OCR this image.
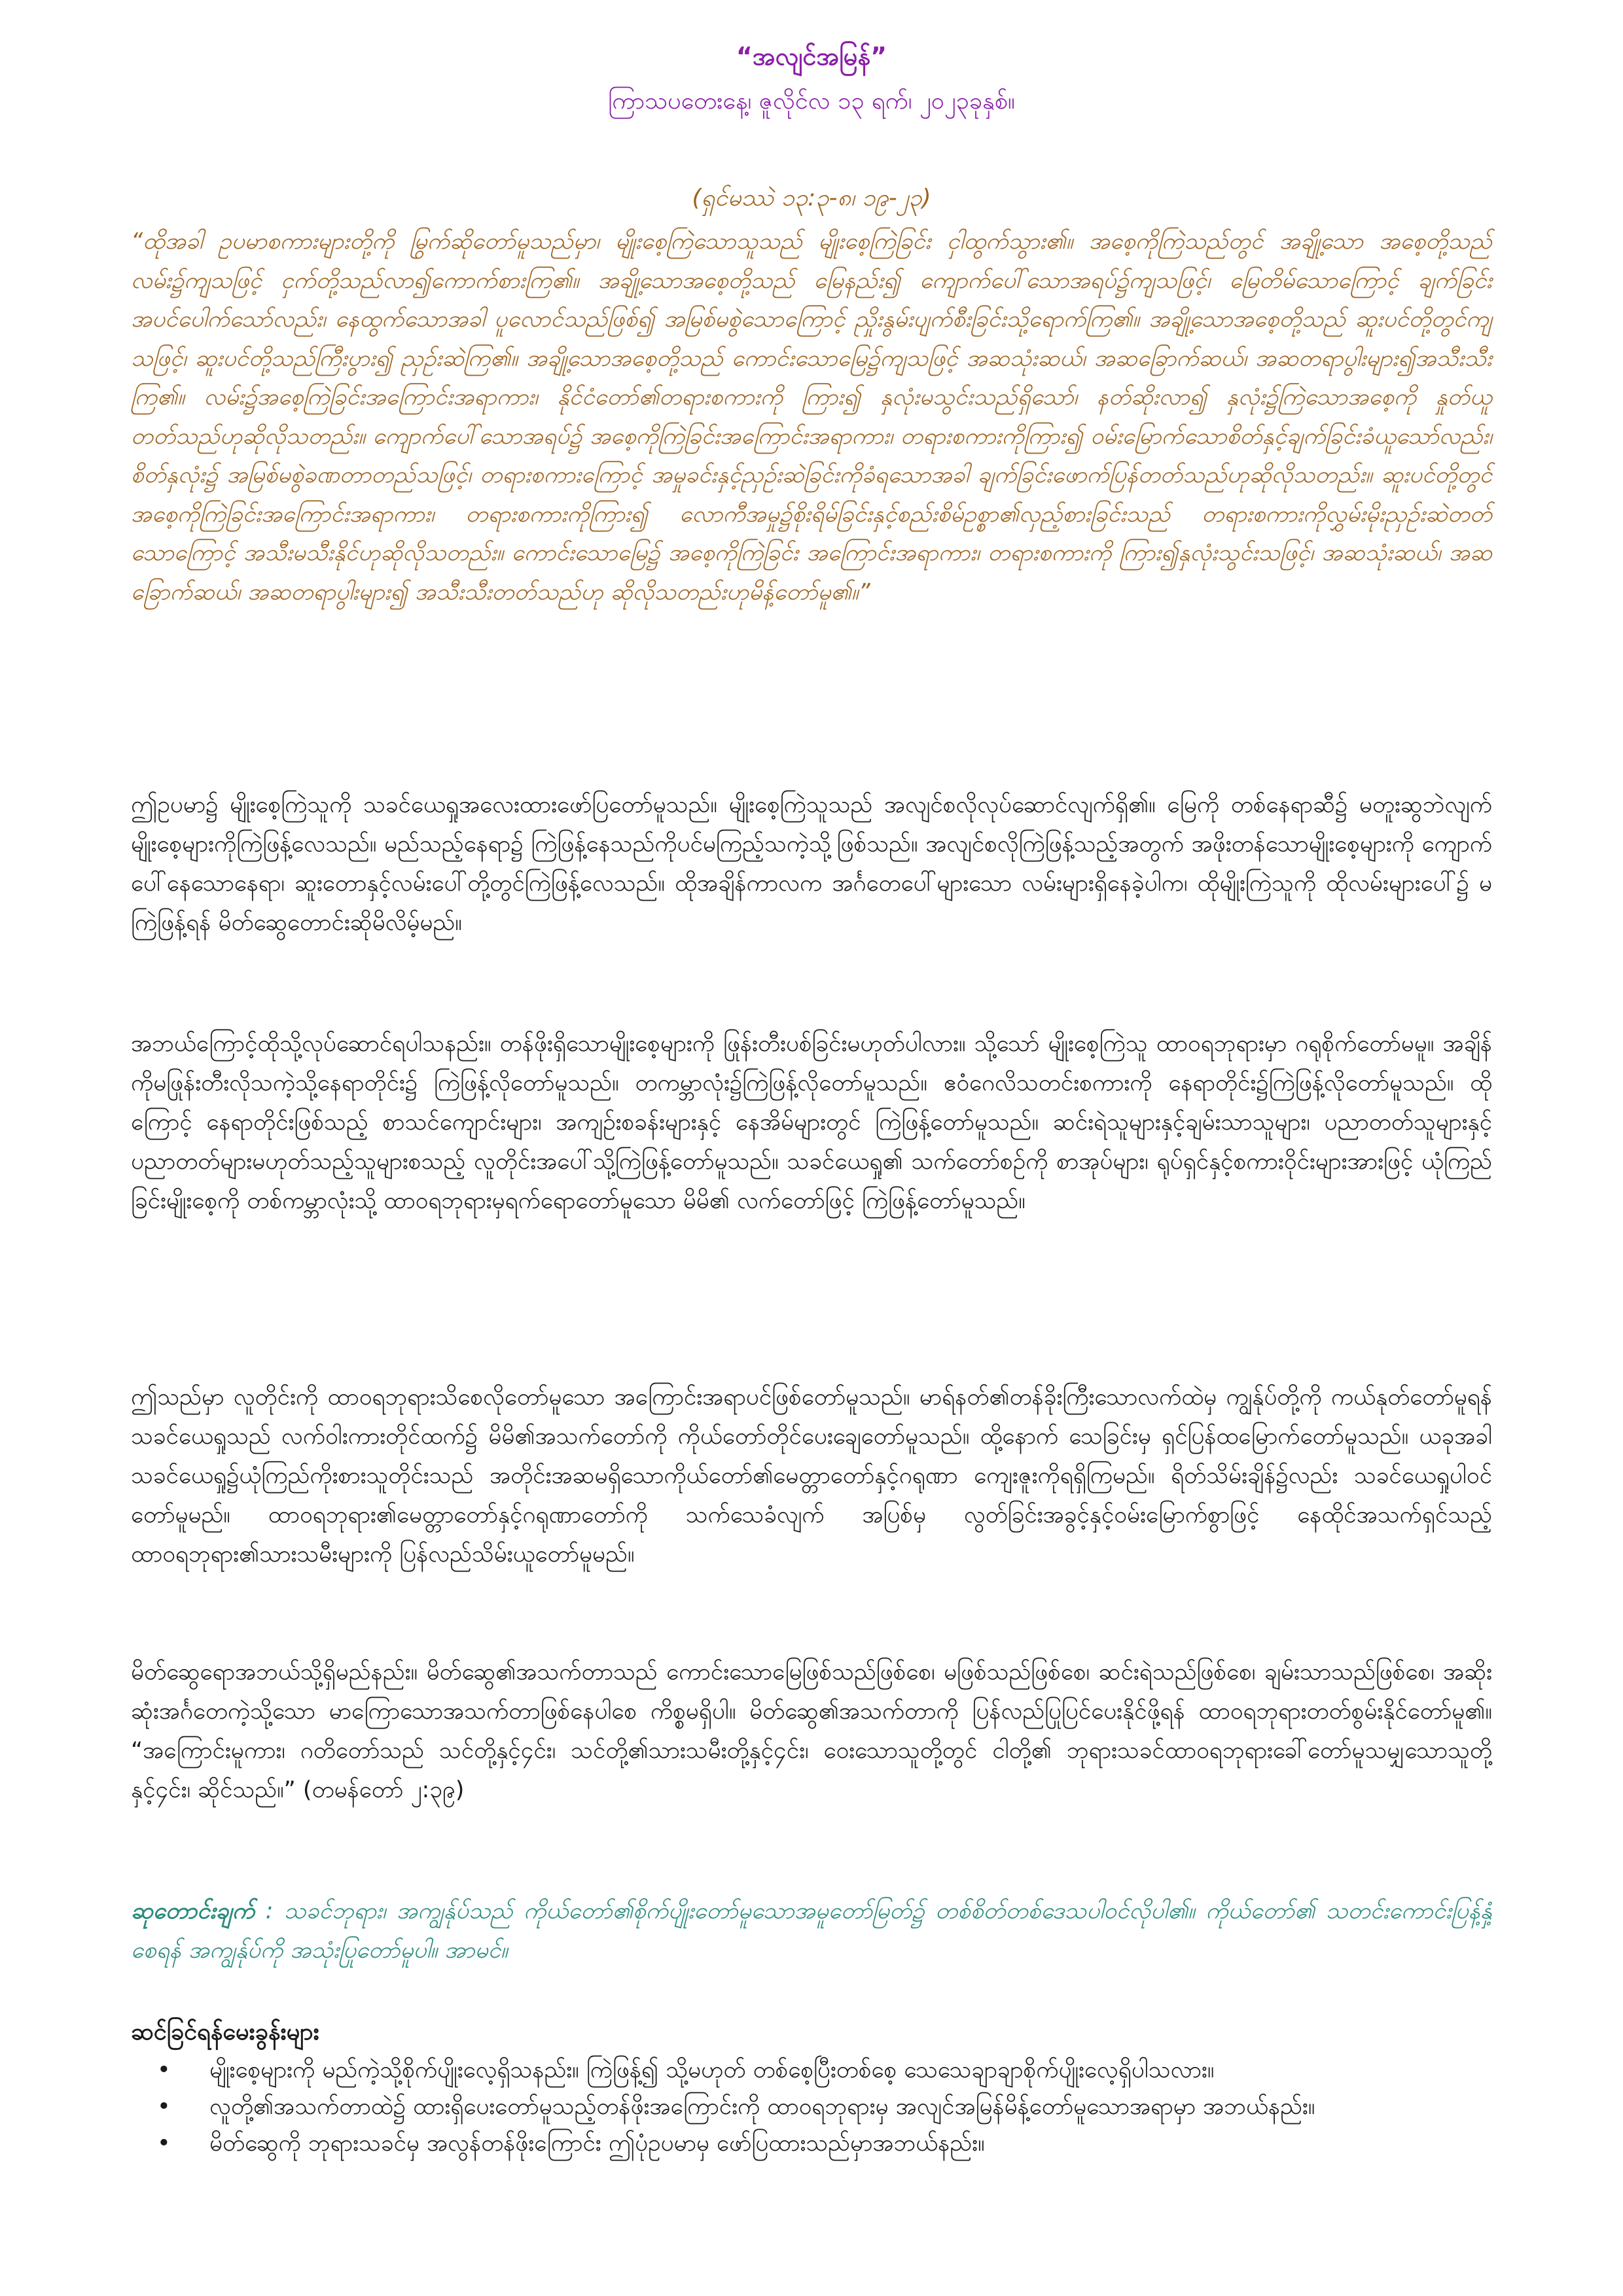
“အလျင်အမြန်”
ကြာသပတေးနေ့၊ ဇူလိုင်လ ၁၃ ရက်၊ ၂၀၂၃ခုနှစ်။
(ရှင်မဿဲ ၁၃:၃-၈၊ ၁၉-၂၃)
“ထိုအခါ ဥပမာစကားများတို့ကို မြွက်ဆိုတော်မူသည်မှာ၊ မျိုးစေ့ကြဲသောသူသည် မျိုးစေ့ကြဲခြင်း ငှါထွက်သွား၏။ အစေ့ကိုကြဲသည်တွင် အချို့သော အစေ့တို့သည် လမ်း၌ကျသဖြင့် ငှက်တို့သည်လာ၍ကောက်စားကြ၏။ အချို့သောအစေ့တို့သည် မြေနည်း၍ ကျောက်ပေါ်သောအရပ်၌ကျသဖြင့်၊ မြေတိမ်သောကြောင့် ချက်ခြင်း အပင်ပေါက်သော်လည်း၊ နေထွက်သောအခါ ပူလောင်သည်ဖြစ်၍ အမြစ်မစွဲသောကြောင့် ညှိုးနွမ်းပျက်စီးခြင်းသို့ရောက်ကြ၏။ အချို့သောအစေ့တို့သည် ဆူးပင်တို့တွင်ကျသဖြင့်၊ ဆူးပင်တို့သည်ကြီးပွား၍ ညှဉ်းဆဲကြ၏။ အချို့သောအစေ့တို့သည် ကောင်းသောမြေ၌ကျသဖြင့် အဆသုံးဆယ်၊ အဆခြောက်ဆယ်၊ အဆတရာပွါးများ၍အသီးသီးကြ၏။ လမ်း၌အစေ့ကြဲခြင်းအကြောင်းအရာကား၊ နိုင်ငံတော်၏တရားစကားကို ကြား၍ နှလုံးမသွင်းသည်ရှိသော်၊ နတ်ဆိုးလာ၍ နှလုံး၌ကြဲသောအစေ့ကို နှုတ်ယူတတ်သည်ဟုဆိုလိုသတည်း။ ကျောက်ပေါ်သောအရပ်၌ အစေ့ကိုကြဲခြင်းအကြောင်းအရာကား၊ တရားစကားကိုကြား၍ ဝမ်းမြောက်သောစိတ်နှင့်ချက်ခြင်းခံယူသော်လည်း၊ စိတ်နှလုံး၌ အမြစ်မစွဲခဏတာတည်သဖြင့်၊ တရားစကားကြောင့် အမှုခင်းနှင့်ညှဉ်းဆဲခြင်းကိုခံရသောအခါ ချက်ခြင်းဖောက်ပြန်တတ်သည်ဟုဆိုလိုသတည်း။ ဆူးပင်တို့တွင် အစေ့ကိုကြဲခြင်းအကြောင်းအရာကား၊ တရားစကားကိုကြား၍ လောကီအမှု၌စိုးရိမ်ခြင်းနှင့်စည်းစိမ်ဥစ္စာ၏လှည့်စားခြင်းသည် တရားစကားကိုလွှမ်းမိုးညှဉ်းဆဲတတ်သောကြောင့် အသီးမသီးနိုင်ဟုဆိုလိုသတည်း။ ကောင်းသောမြေ၌ အစေ့ကိုကြဲခြင်း အကြောင်းအရာကား၊ တရားစကားကို ကြား၍နှလုံးသွင်းသဖြင့်၊ အဆသုံးဆယ်၊ အဆခြောက်ဆယ်၊ အဆတရာပွါးများ၍ အသီးသီးတတ်သည်ဟု ဆိုလိုသတည်းဟုမိန့်တော်မူ၏။”
ဤဥပမာ၌ မျိုးစေ့ကြဲသူကို သခင်ယေရှုအလေးထားဖော်ပြတော်မူသည်။ မျိုးစေ့ကြဲသူသည် အလျင်စလိုလုပ်ဆောင်လျက်ရှိ၏။ မြေကို တစ်နေရာဆီ၌ မတူးဆွဘဲလျက် မျိုးစေ့များကိုကြဲဖြန့်လေသည်။ မည်သည့်နေရာ၌ ကြဲဖြန့်နေသည်ကိုပင်မကြည့်သကဲ့သို့ဖြစ်သည်။ အလျင်စလိုကြဲဖြန့်သည့်အတွက် အဖိုးတန်သောမျိုးစေ့များကို ကျောက်ပေါ်နေသောနေရာ၊ ဆူးတောနှင့်လမ်းပေါ်တို့တွင်ကြဲဖြန့်လေသည်။ ထိုအချိန်ကာလက အင်္ဂတေပေါ်များသော လမ်းများရှိနေခဲ့ပါက၊ ထိုမျိုးကြဲသူကို ထိုလမ်းများပေါ်၌ မကြဲဖြန့်ရန် မိတ်ဆွေတောင်းဆိုမိလိမ့်မည်။
အဘယ်ကြောင့်ထိုသို့လုပ်ဆောင်ရပါသနည်း။ တန်ဖိုးရှိသောမျိုးစေ့များကို ဖြုန်းတီးပစ်ခြင်းမဟုတ်ပါလား။ သို့သော် မျိုးစေ့ကြဲသူ ထာဝရဘုရားမှာ ဂရုစိုက်တော်မမူ။ အချိန်ကိုမဖြုန်းတီးလိုသကဲ့သို့နေရာတိုင်း၌ ကြဲဖြန့်လိုတော်မူသည်။ တကမ္ဘာလုံး၌ကြဲဖြန့်လိုတော်မူသည်။ ဧဝံဂေလိသတင်းစကားကို နေရာတိုင်း၌ကြဲဖြန့်လိုတော်မူသည်။ ထိုကြောင့် နေရာတိုင်းဖြစ်သည့် စာသင်ကျောင်းများ၊ အကျဉ်းစခန်းများနှင့် နေအိမ်များတွင် ကြဲဖြန့်တော်မူသည်။ ဆင်းရဲသူများနှင့်ချမ်းသာသူများ၊ ပညာတတ်သူများနှင့် ပညာတတ်များမဟုတ်သည့်သူများစသည့် လူတိုင်းအပေါ်သို့ကြဲဖြန့်တော်မူသည်။ သခင်ယေရှု၏ သက်တော်စဉ်ကို စာအုပ်များ၊ ရုပ်ရှင်နှင့်စကားဝိုင်းများအားဖြင့် ယုံကြည်ခြင်းမျိုးစေ့ကို တစ်ကမ္ဘာလုံးသို့ ထာဝရဘုရားမှရက်ရောတော်မူသော မိမိ၏ လက်တော်ဖြင့် ကြဲဖြန့်တော်မူသည်။
ဤသည်မှာ လူတိုင်းကို ထာဝရဘုရားသိစေလိုတော်မူသော အကြောင်းအရာပင်ဖြစ်တော်မူသည်။ မာရ်နတ်၏တန်ခိုးကြီးသောလက်ထဲမှ ကျွန်ုပ်တို့ကို ကယ်နုတ်တော်မူရန် သခင်ယေရှုသည် လက်ဝါးကားတိုင်ထက်၌ မိမိ၏အသက်တော်ကို ကိုယ်တော်တိုင်ပေးချေတော်မူသည်။ ထို့နောက် သေခြင်းမှ ရှင်ပြန်ထမြောက်တော်မူသည်။ ယခုအခါ သခင်ယေရှု၌ယုံကြည်ကိုးစားသူတိုင်းသည် အတိုင်းအဆမရှိသောကိုယ်တော်၏မေတ္တာတော်နှင့်ဂရုဏာ ကျေးဇူးကိုရရှိကြမည်။ ရိတ်သိမ်းချိန်၌လည်း သခင်ယေရှုပါဝင်တော်မူမည်။ ထာဝရဘုရား၏မေတ္တာတော်နှင့်ဂရုဏာတော်ကို သက်သေခံလျက် အပြစ်မှ လွတ်ခြင်းအခွင့်နှင့်ဝမ်းမြောက်စွာဖြင့် နေထိုင်အသက်ရှင်သည့်ထာဝရဘုရား၏သားသမီးများကို ပြန်လည်သိမ်းယူတော်မူမည်။
မိတ်ဆွေရောအဘယ်သို့ရှိမည်နည်း။ မိတ်ဆွေ၏အသက်တာသည် ကောင်းသောမြေဖြစ်သည်ဖြစ်စေ၊ မဖြစ်သည်ဖြစ်စေ၊ ဆင်းရဲသည်ဖြစ်စေ၊ ချမ်းသာသည်ဖြစ်စေ၊ အဆိုးဆုံးအင်္ဂတေကဲ့သို့သော မာကြောသောအသက်တာဖြစ်နေပါစေ ကိစ္စမရှိပါ။ မိတ်ဆွေ၏အသက်တာကို ပြန်လည်ပြုပြင်ပေးနိုင်ဖို့ရန် ထာဝရဘုရားတတ်စွမ်းနိုင်တော်မူ၏။ “အကြောင်းမူကား၊ ဂတိတော်သည် သင်တို့နှင့်၄င်း၊ သင်တို့၏သားသမီးတို့နှင့်၄င်း၊ ဝေးသောသူတို့တွင် ငါတို့၏ ဘုရားသခင်ထာဝရဘုရားခေါ်တော်မူသမျှသောသူတို့နှင့်၄င်း၊ ဆိုင်သည်။” (တမန်တော် ၂:၃၉)
ဆုတောင်းချက် : သခင်ဘုရား၊ အကျွန်ုပ်သည် ကိုယ်တော်၏စိုက်ပျိုးတော်မူသောအမူတော်မြတ်၌ တစ်စိတ်တစ်ဒေသပါဝင်လိုပါ၏။ ကိုယ်တော်၏ သတင်းကောင်းပြန့်နှံ့စေရန် အကျွန်ုပ်ကို အသုံးပြုတော်မူပါ။ အာမင်။
ဆင်ခြင်ရန်မေးခွန်းများ
• မျိုးစေ့များကို မည်ကဲ့သို့စိုက်ပျိုးလေ့ရှိသနည်း။ ကြဲဖြန့်၍ သို့မဟုတ် တစ်စေ့ပြီးတစ်စေ့ သေသေချာချာစိုက်ပျိုးလေ့ရှိပါသလား။
• လူတို့၏အသက်တာထဲ၌ ထားရှိပေးတော်မူသည့်တန်ဖိုးအကြောင်းကို ထာဝရဘုရားမှ အလျင်အမြန်မိန့်တော်မူသောအရာမှာ အဘယ်နည်း။
• မိတ်ဆွေကို ဘုရားသခင်မှ အလွန်တန်ဖိုးကြောင်း ဤပုံဥပမာမှ ဖော်ပြထားသည်မှာအဘယ်နည်း။
